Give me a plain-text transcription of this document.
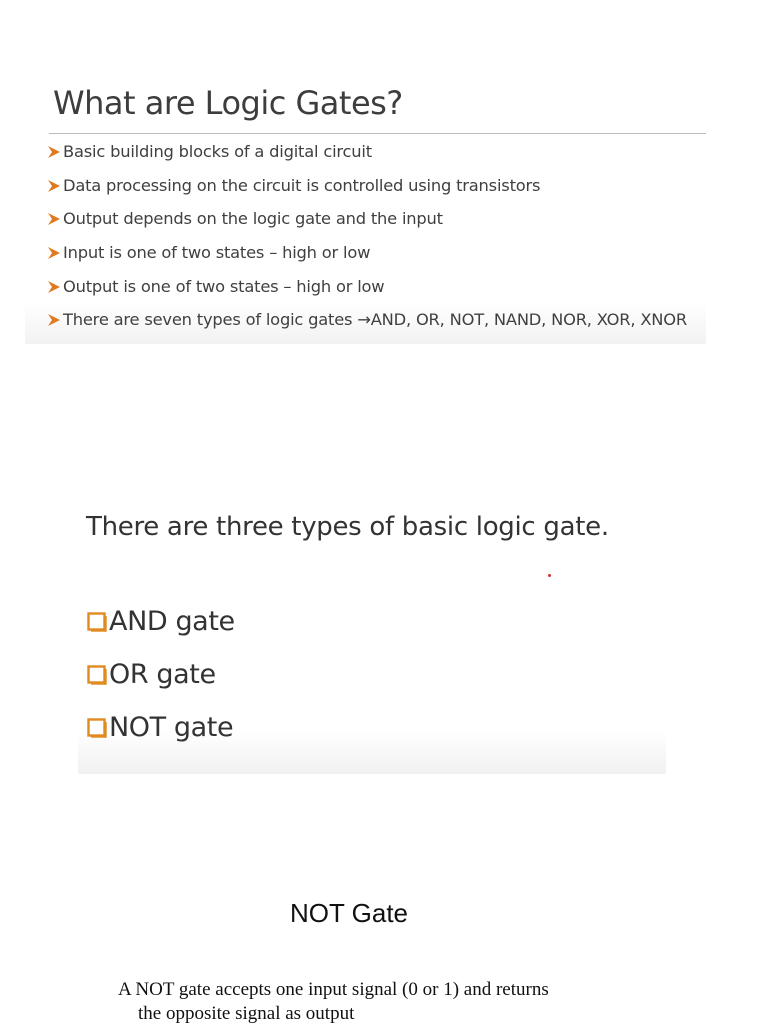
What are Logic Gates?
Basic building blocks of a digital circuit
Data processing on the circuit is controlled using transistors
Output depends on the logic gate and the input
Input is one of two states – high or low
Output is one of two states – high or low
There are seven types of logic gates →AND, OR, NOT, NAND, NOR, XOR, XNOR
There are three types of basic logic gate.
AND gate
OR gate
NOT gate
NOT Gate
A NOT gate accepts one input signal (0 or 1) and returns
the opposite signal as output
